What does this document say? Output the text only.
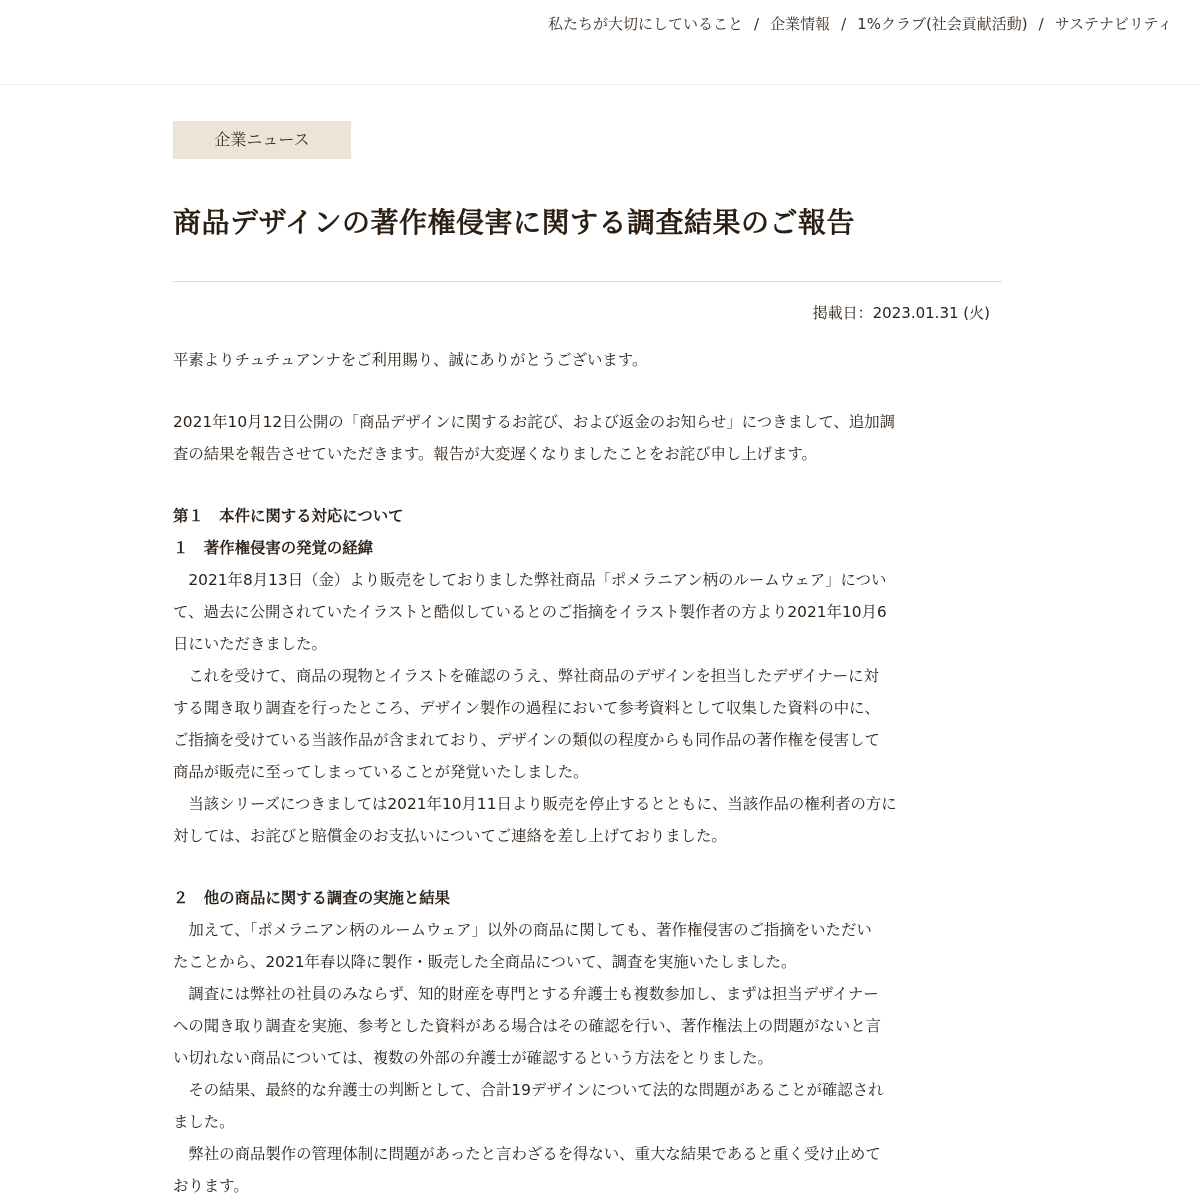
私たちが大切にしていること / 企業情報 / 1%クラブ(社会貢献活動) / サステナビリティ
企業ニュース
商品デザインの著作権侵害に関する調査結果のご報告
掲載日：2023.01.31 (火)

平素よりチュチュアンナをご利用賜り、誠にありがとうございます。

2021年10月12日公開の「商品デザインに関するお詫び、および返金のお知らせ」につきまして、追加調

査の結果を報告させていただきます。報告が大変遅くなりましたことをお詫び申し上げます。

第１　本件に関する対応について

１　著作権侵害の発覚の経緯

　2021年8月13日（金）より販売をしておりました弊社商品「ポメラニアン柄のルームウェア」につい

て、過去に公開されていたイラストと酷似しているとのご指摘をイラスト製作者の方より2021年10月6

日にいただきました。

　これを受けて、商品の現物とイラストを確認のうえ、弊社商品のデザインを担当したデザイナーに対

する聞き取り調査を行ったところ、デザイン製作の過程において参考資料として収集した資料の中に、

ご指摘を受けている当該作品が含まれており、デザインの類似の程度からも同作品の著作権を侵害して

商品が販売に至ってしまっていることが発覚いたしました。

　当該シリーズにつきましては2021年10月11日より販売を停止するとともに、当該作品の権利者の方に

対しては、お詫びと賠償金のお支払いについてご連絡を差し上げておりました。

２　他の商品に関する調査の実施と結果

　加えて、「ポメラニアン柄のルームウェア」以外の商品に関しても、著作権侵害のご指摘をいただい

たことから、2021年春以降に製作・販売した全商品について、調査を実施いたしました。

　調査には弊社の社員のみならず、知的財産を専門とする弁護士も複数参加し、まずは担当デザイナー

への聞き取り調査を実施、参考とした資料がある場合はその確認を行い、著作権法上の問題がないと言

い切れない商品については、複数の外部の弁護士が確認するという方法をとりました。

　その結果、最終的な弁護士の判断として、合計19デザインについて法的な問題があることが確認され

ました。

　弊社の商品製作の管理体制に問題があったと言わざるを得ない、重大な結果であると重く受け止めて

おります。
